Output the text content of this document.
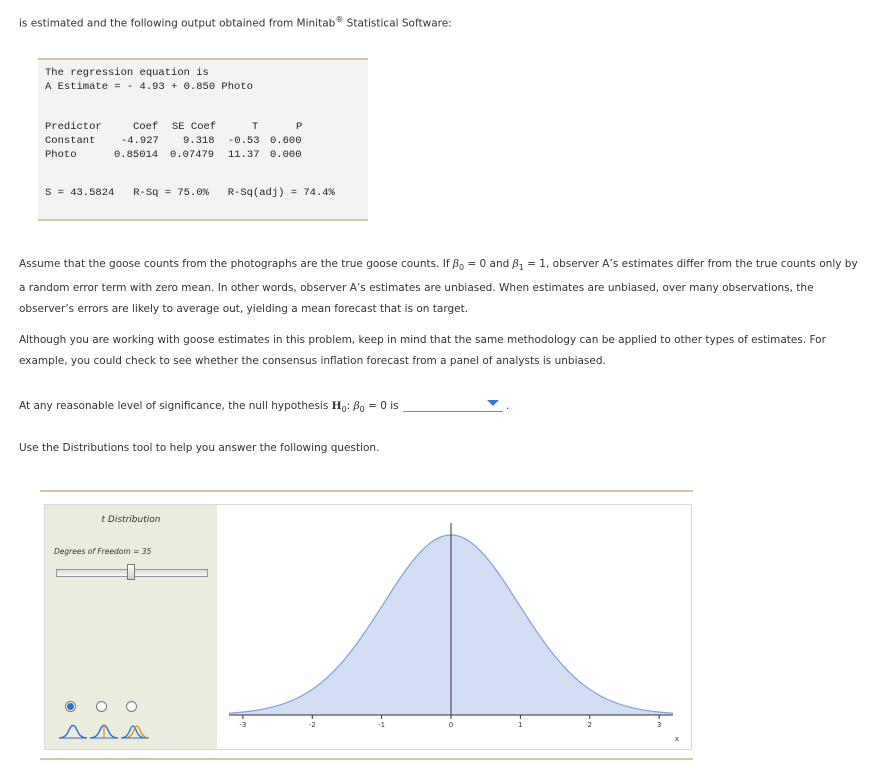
is estimated and the following output obtained from Minitab® Statistical Software:
The regression equation is
A Estimate = - 4.93 + 0.850 Photo
Predictor	Coef SE Coef	T	P
Constant -4.927 9.318 -0.53 0.600
Photo	0.85014 0.07479 11.37 0.000
S = 43.5824   R-Sq = 75.0%   R-Sq(adj) = 74.4%
Assume that the goose counts from the photographs are the true goose counts. If $\beta_0 = 0$ and $\beta_1 = 1$, observer A’s estimates differ from the true counts only by a random error term with zero mean. In other words, observer A’s estimates are unbiased. When estimates are unbiased, over many observations, the observer’s errors are likely to average out, yielding a mean forecast that is on target.
Although you are working with goose estimates in this problem, keep in mind that the same methodology can be applied to other types of estimates. For example, you could check to see whether the consensus inflation forecast from a panel of analysts is unbiased.
At any reasonable level of significance, the null hypothesis $H_0$: $\beta_0 = 0$ is	.
Use the Distributions tool to help you answer the following question.
t Distribution
Degrees of Freedom = 35
-3	-2	-1	0	1	2	3
x
